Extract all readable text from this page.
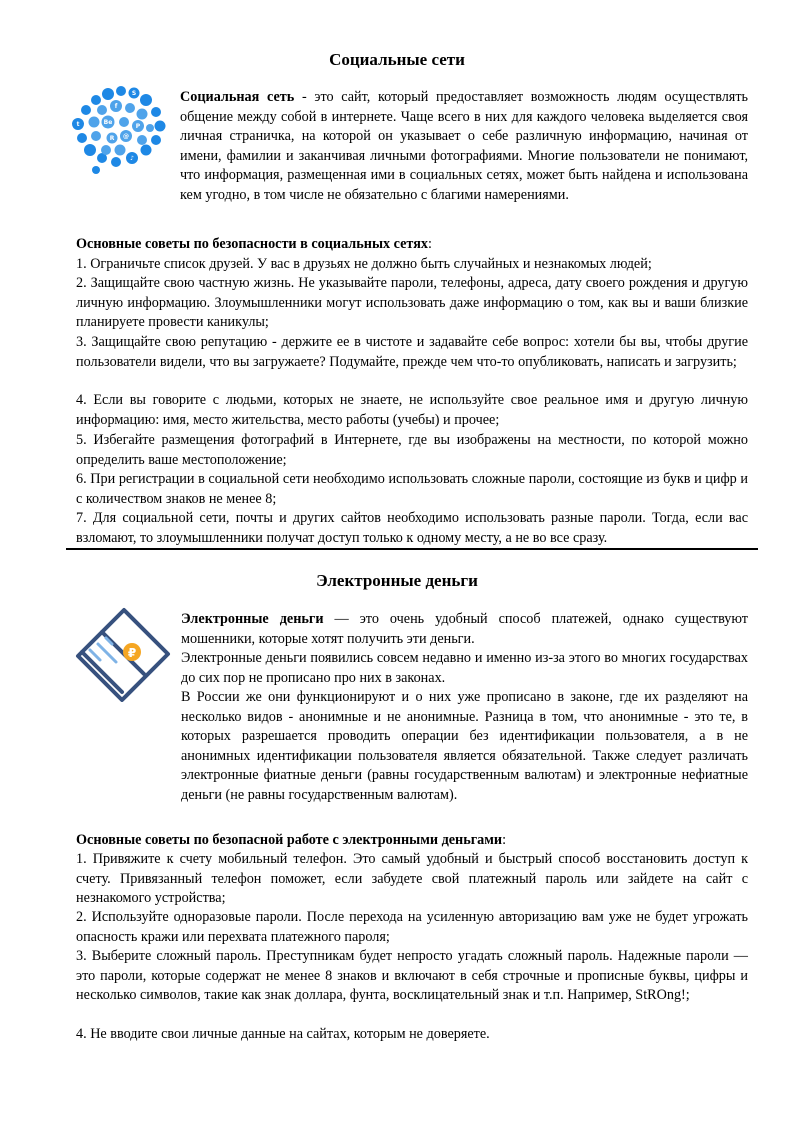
Социальные сети
t
f
S
Be
P
@
♪
R

Социальная сеть - это сайт, который предоставляет возможность людям осуществлять общение между собой в интернете. Чаще всего в них для каждого человека выделяется своя личная страничка, на которой он указывает о себе различную информацию, начиная от имени, фамилии и заканчивая личными фотографиями. Многие пользователи не понимают, что информация, размещенная ими в социальных сетях, может быть найдена и использована кем угодно, в том числе не обязательно с благими намерениями.

Основные советы по безопасности в социальных сетях:

1. Ограничьте список друзей. У вас в друзьях не должно быть случайных и незнакомых людей;

2. Защищайте свою частную жизнь. Не указывайте пароли, телефоны, адреса, дату своего рождения и другую личную информацию. Злоумышленники могут использовать даже информацию о том, как вы и ваши близкие планируете провести каникулы;

3. Защищайте свою репутацию - держите ее в чистоте и задавайте себе вопрос: хотели бы вы, чтобы другие пользователи видели, что вы загружаете? Подумайте, прежде чем что-то опубликовать, написать и загрузить;

4. Если вы говорите с людьми, которых не знаете, не используйте свое реальное имя и другую личную информацию: имя, место жительства, место работы (учебы) и прочее;

5. Избегайте размещения фотографий в Интернете, где вы изображены на местности, по которой можно определить ваше местоположение;

6. При регистрации в социальной сети необходимо использовать сложные пароли, состоящие из букв и цифр и с количеством знаков не менее 8;

7. Для социальной сети, почты и других сайтов необходимо использовать разные пароли. Тогда, если вас взломают, то злоумышленники получат доступ только к одному месту, а не во все сразу.

Электронные деньги
₽

Электронные деньги — это очень удобный способ платежей, однако существуют мошенники, которые хотят получить эти деньги.

Электронные деньги появились совсем недавно и именно из-за этого во многих государствах до сих пор не прописано про них в законах.

В России же они функционируют и о них уже прописано в законе, где их разделяют на несколько видов - анонимные и не анонимные. Разница в том, что анонимные - это те, в которых разрешается проводить операции без идентификации пользователя, а в не анонимных идентификации пользователя является обязательной. Также следует различать электронные фиатные деньги (равны государственным валютам) и электронные нефиатные деньги (не равны государственным валютам).

Основные советы по безопасной работе с электронными деньгами:

1. Привяжите к счету мобильный телефон. Это самый удобный и быстрый способ восстановить доступ к счету. Привязанный телефон поможет, если забудете свой платежный пароль или зайдете на сайт с незнакомого устройства;

2. Используйте одноразовые пароли. После перехода на усиленную авторизацию вам уже не будет угрожать опасность кражи или перехвата платежного пароля;

3. Выберите сложный пароль. Преступникам будет непросто угадать сложный пароль. Надежные пароли — это пароли, которые содержат не менее 8 знаков и включают в себя строчные и прописные буквы, цифры и несколько символов, такие как знак доллара, фунта, восклицательный знак и т.п. Например, StROng!;

4. Не вводите свои личные данные на сайтах, которым не доверяете.
